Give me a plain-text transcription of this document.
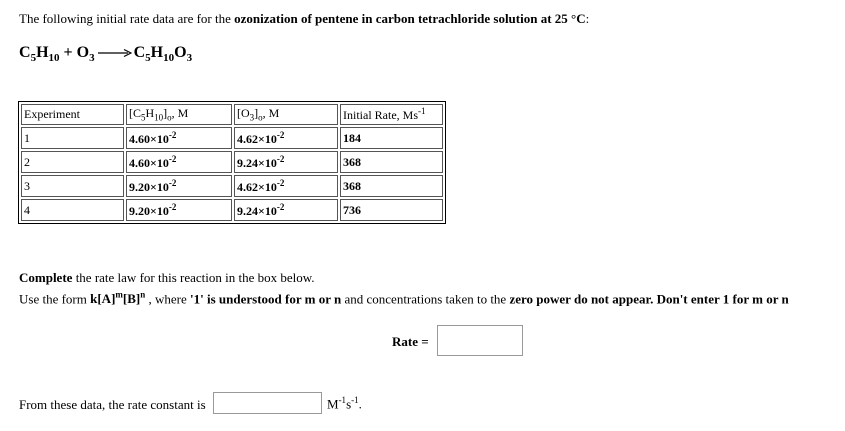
The following initial rate data are for the ozonization of pentene in carbon tetrachloride solution at 25 °C:
$C_5H_{10} + O_3 \to C_5H_{10}O_3$
Experiment	$[C_5H_{10}]_o$, M	$[O_3]_o$, M	Initial Rate, $Ms^{-1}$
1	$4.60\times 10^{-2}$	$4.62\times 10^{-2}$	184
2	$4.60\times 10^{-2}$	$9.24\times 10^{-2}$	368
3	$9.20\times 10^{-2}$	$4.62\times 10^{-2}$	368
4	$9.20\times 10^{-2}$	$9.24\times 10^{-2}$	736
Complete the rate law for this reaction in the box below.
Use the form $k[A]^m[B]^n$ , where '1' is understood for m or n and concentrations taken to the zero power do not appear. Don't enter 1 for m or n
Rate =
From these data, the rate constant is	$M^{-1}s^{-1}$.
